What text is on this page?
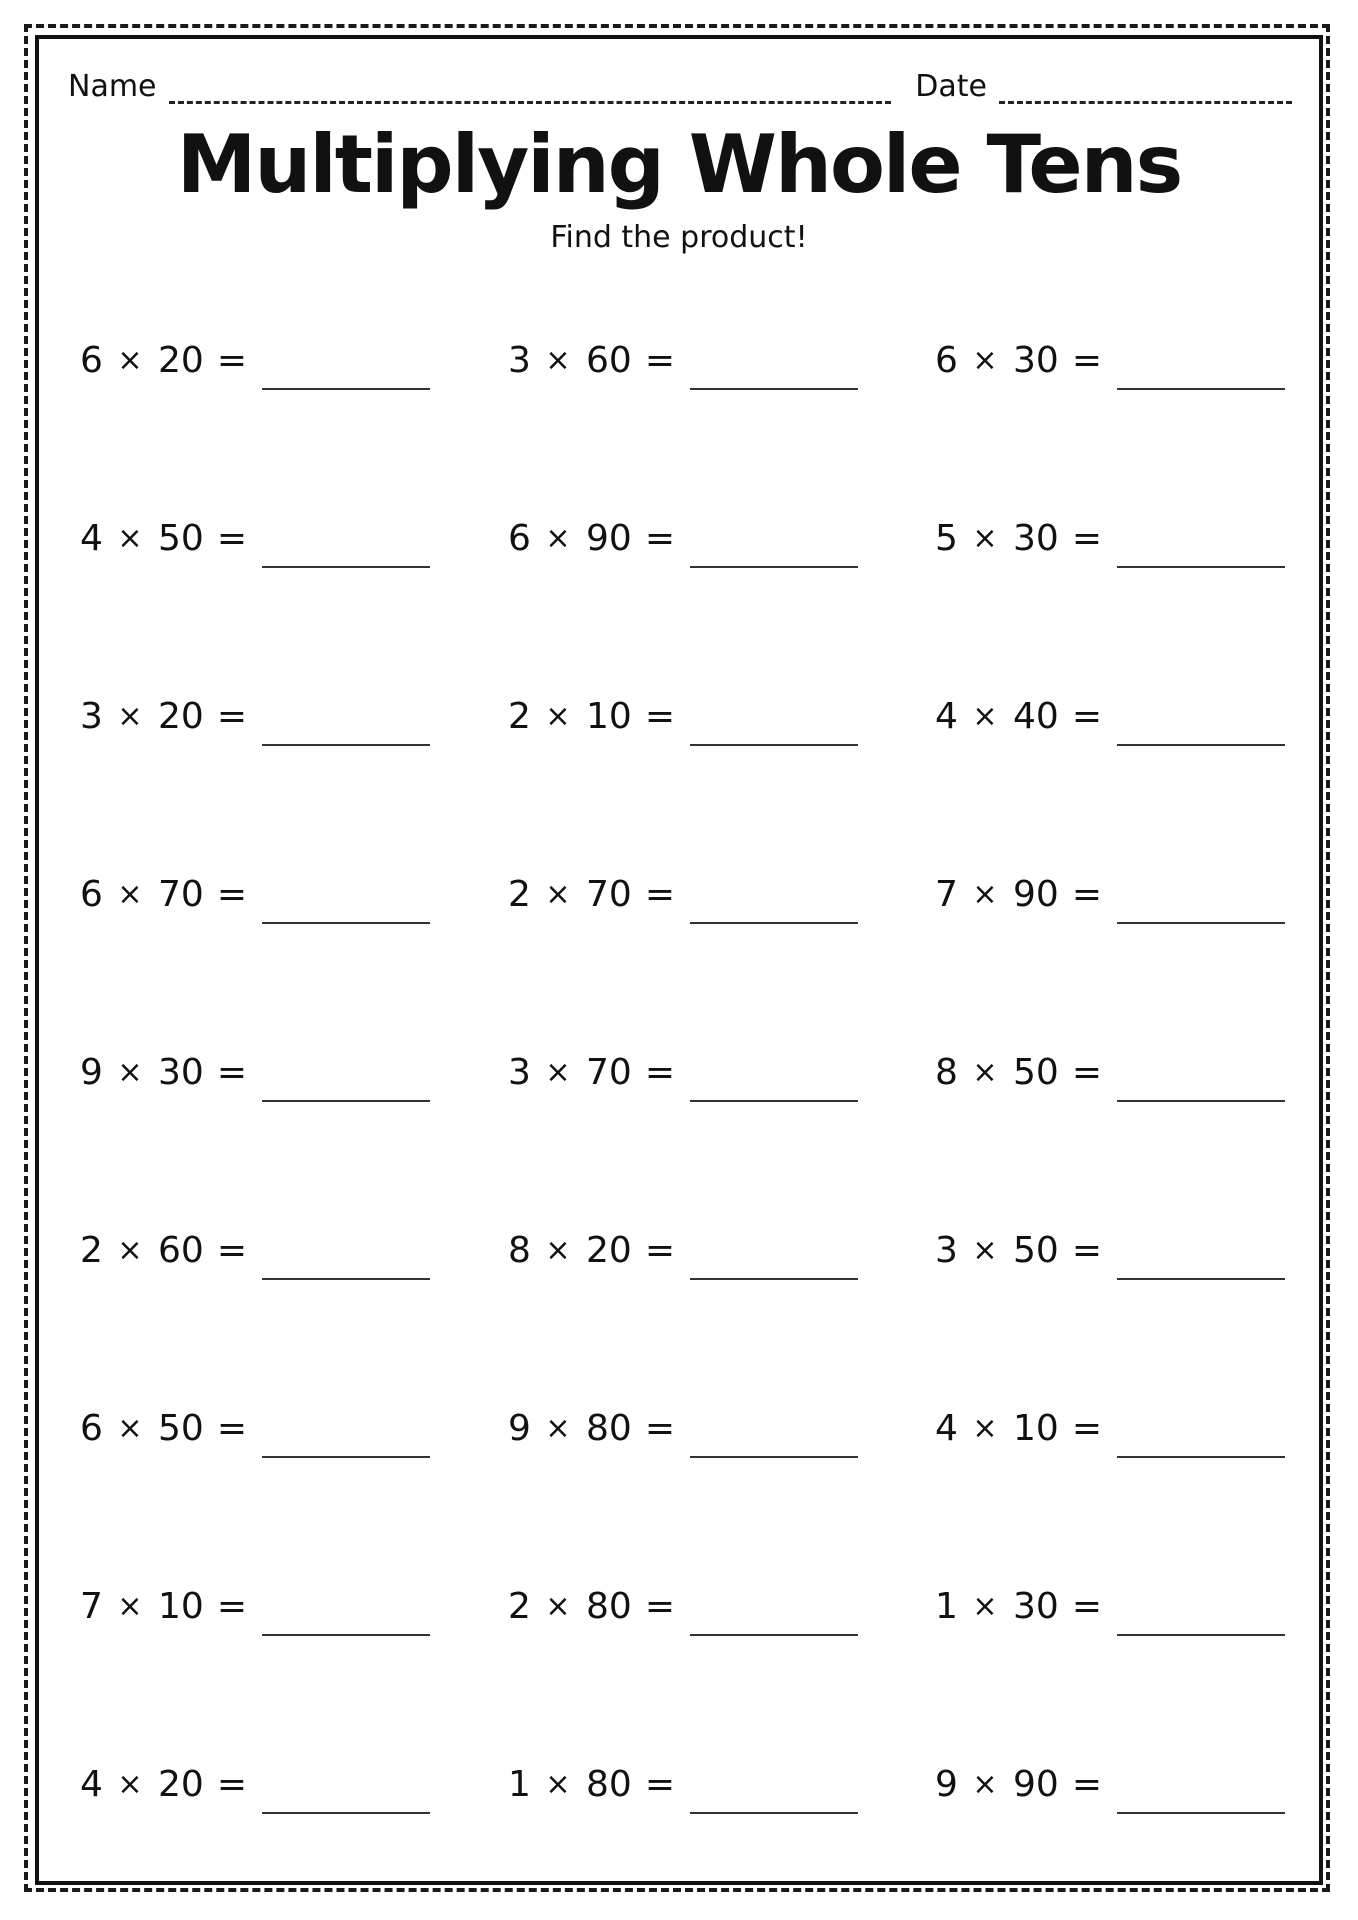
Name	Date
Multiplying Whole Tens

Find the product!

6 × 20 =	3 × 60 =	6 × 30 =
4 × 50 =	6 × 90 =	5 × 30 =
3 × 20 =	2 × 10 =	4 × 40 =
6 × 70 =	2 × 70 =	7 × 90 =
9 × 30 =	3 × 70 =	8 × 50 =
2 × 60 =	8 × 20 =	3 × 50 =
6 × 50 =	9 × 80 =	4 × 10 =
7 × 10 =	2 × 80 =	1 × 30 =
4 × 20 =	1 × 80 =	9 × 90 =
